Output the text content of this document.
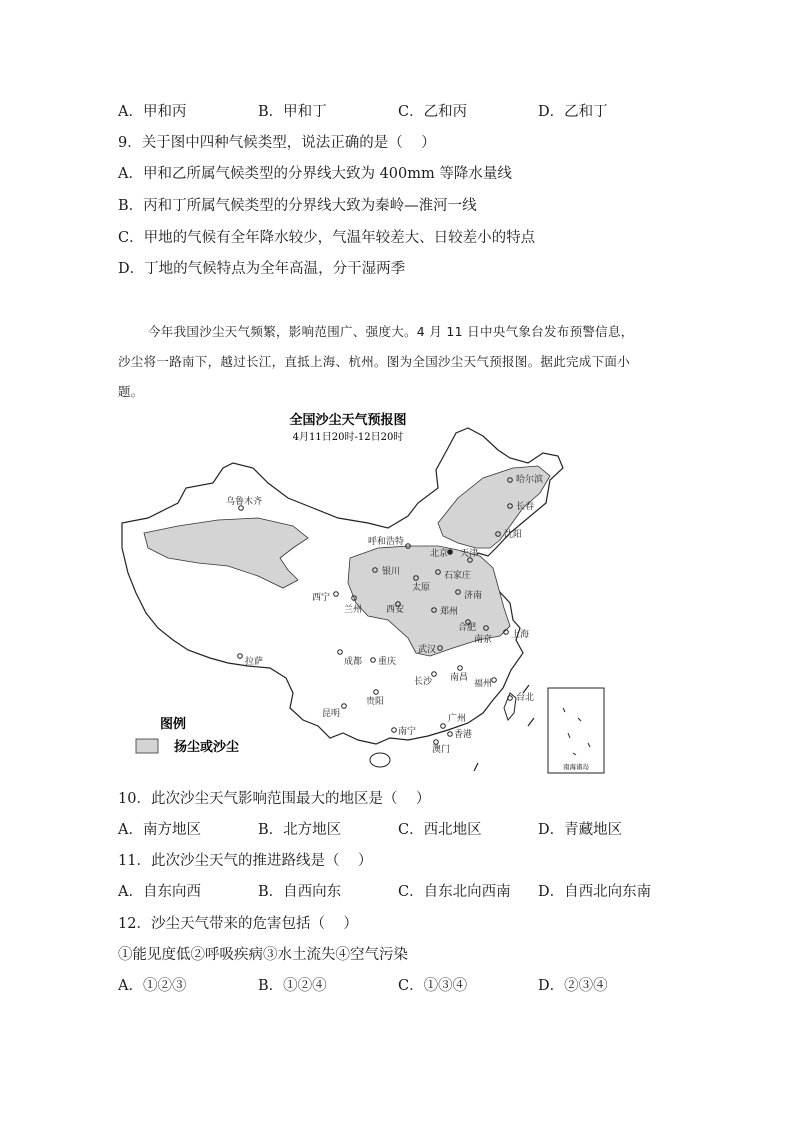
A．甲和丙	B．甲和丁	C．乙和丙	D．乙和丁
9．关于图中四种气候类型，说法正确的是（    ）
A．甲和乙所属气候类型的分界线大致为 400mm 等降水量线
B．丙和丁所属气候类型的分界线大致为秦岭—淮河一线
C．甲地的气候有全年降水较少，气温年较差大、日较差小的特点
D．丁地的气候特点为全年高温，分干湿两季
今年我国沙尘天气频繁，影响范围广、强度大。4 月 11 日中央气象台发布预警信息，
沙尘将一路南下，越过长江，直抵上海、杭州。图为全国沙尘天气预报图。据此完成下面小
题。
全国沙尘天气预报图
4月11日20时-12日20时
南海诸岛
乌鲁木齐
哈尔滨
长春
沈阳
呼和浩特
北京 天津
银川
太原
石家庄
济南
西宁
兰州	西安	郑州
合肥
南京 上海
武汉
拉萨	成都 重庆
长沙 南昌
福州
贵阳
昆明
台北
广州
南宁	香港
澳门
图例
扬尘或沙尘
10．此次沙尘天气影响范围最大的地区是（    ）
A．南方地区	B．北方地区	C．西北地区	D．青藏地区
11．此次沙尘天气的推进路线是（    ）
A．自东向西	B．自西向东	C．自东北向西南 D．自西北向东南
12．沙尘天气带来的危害包括（    ）
①能见度低②呼吸疾病③水土流失④空气污染
A．①②③	B．①②④	C．①③④	D．②③④
